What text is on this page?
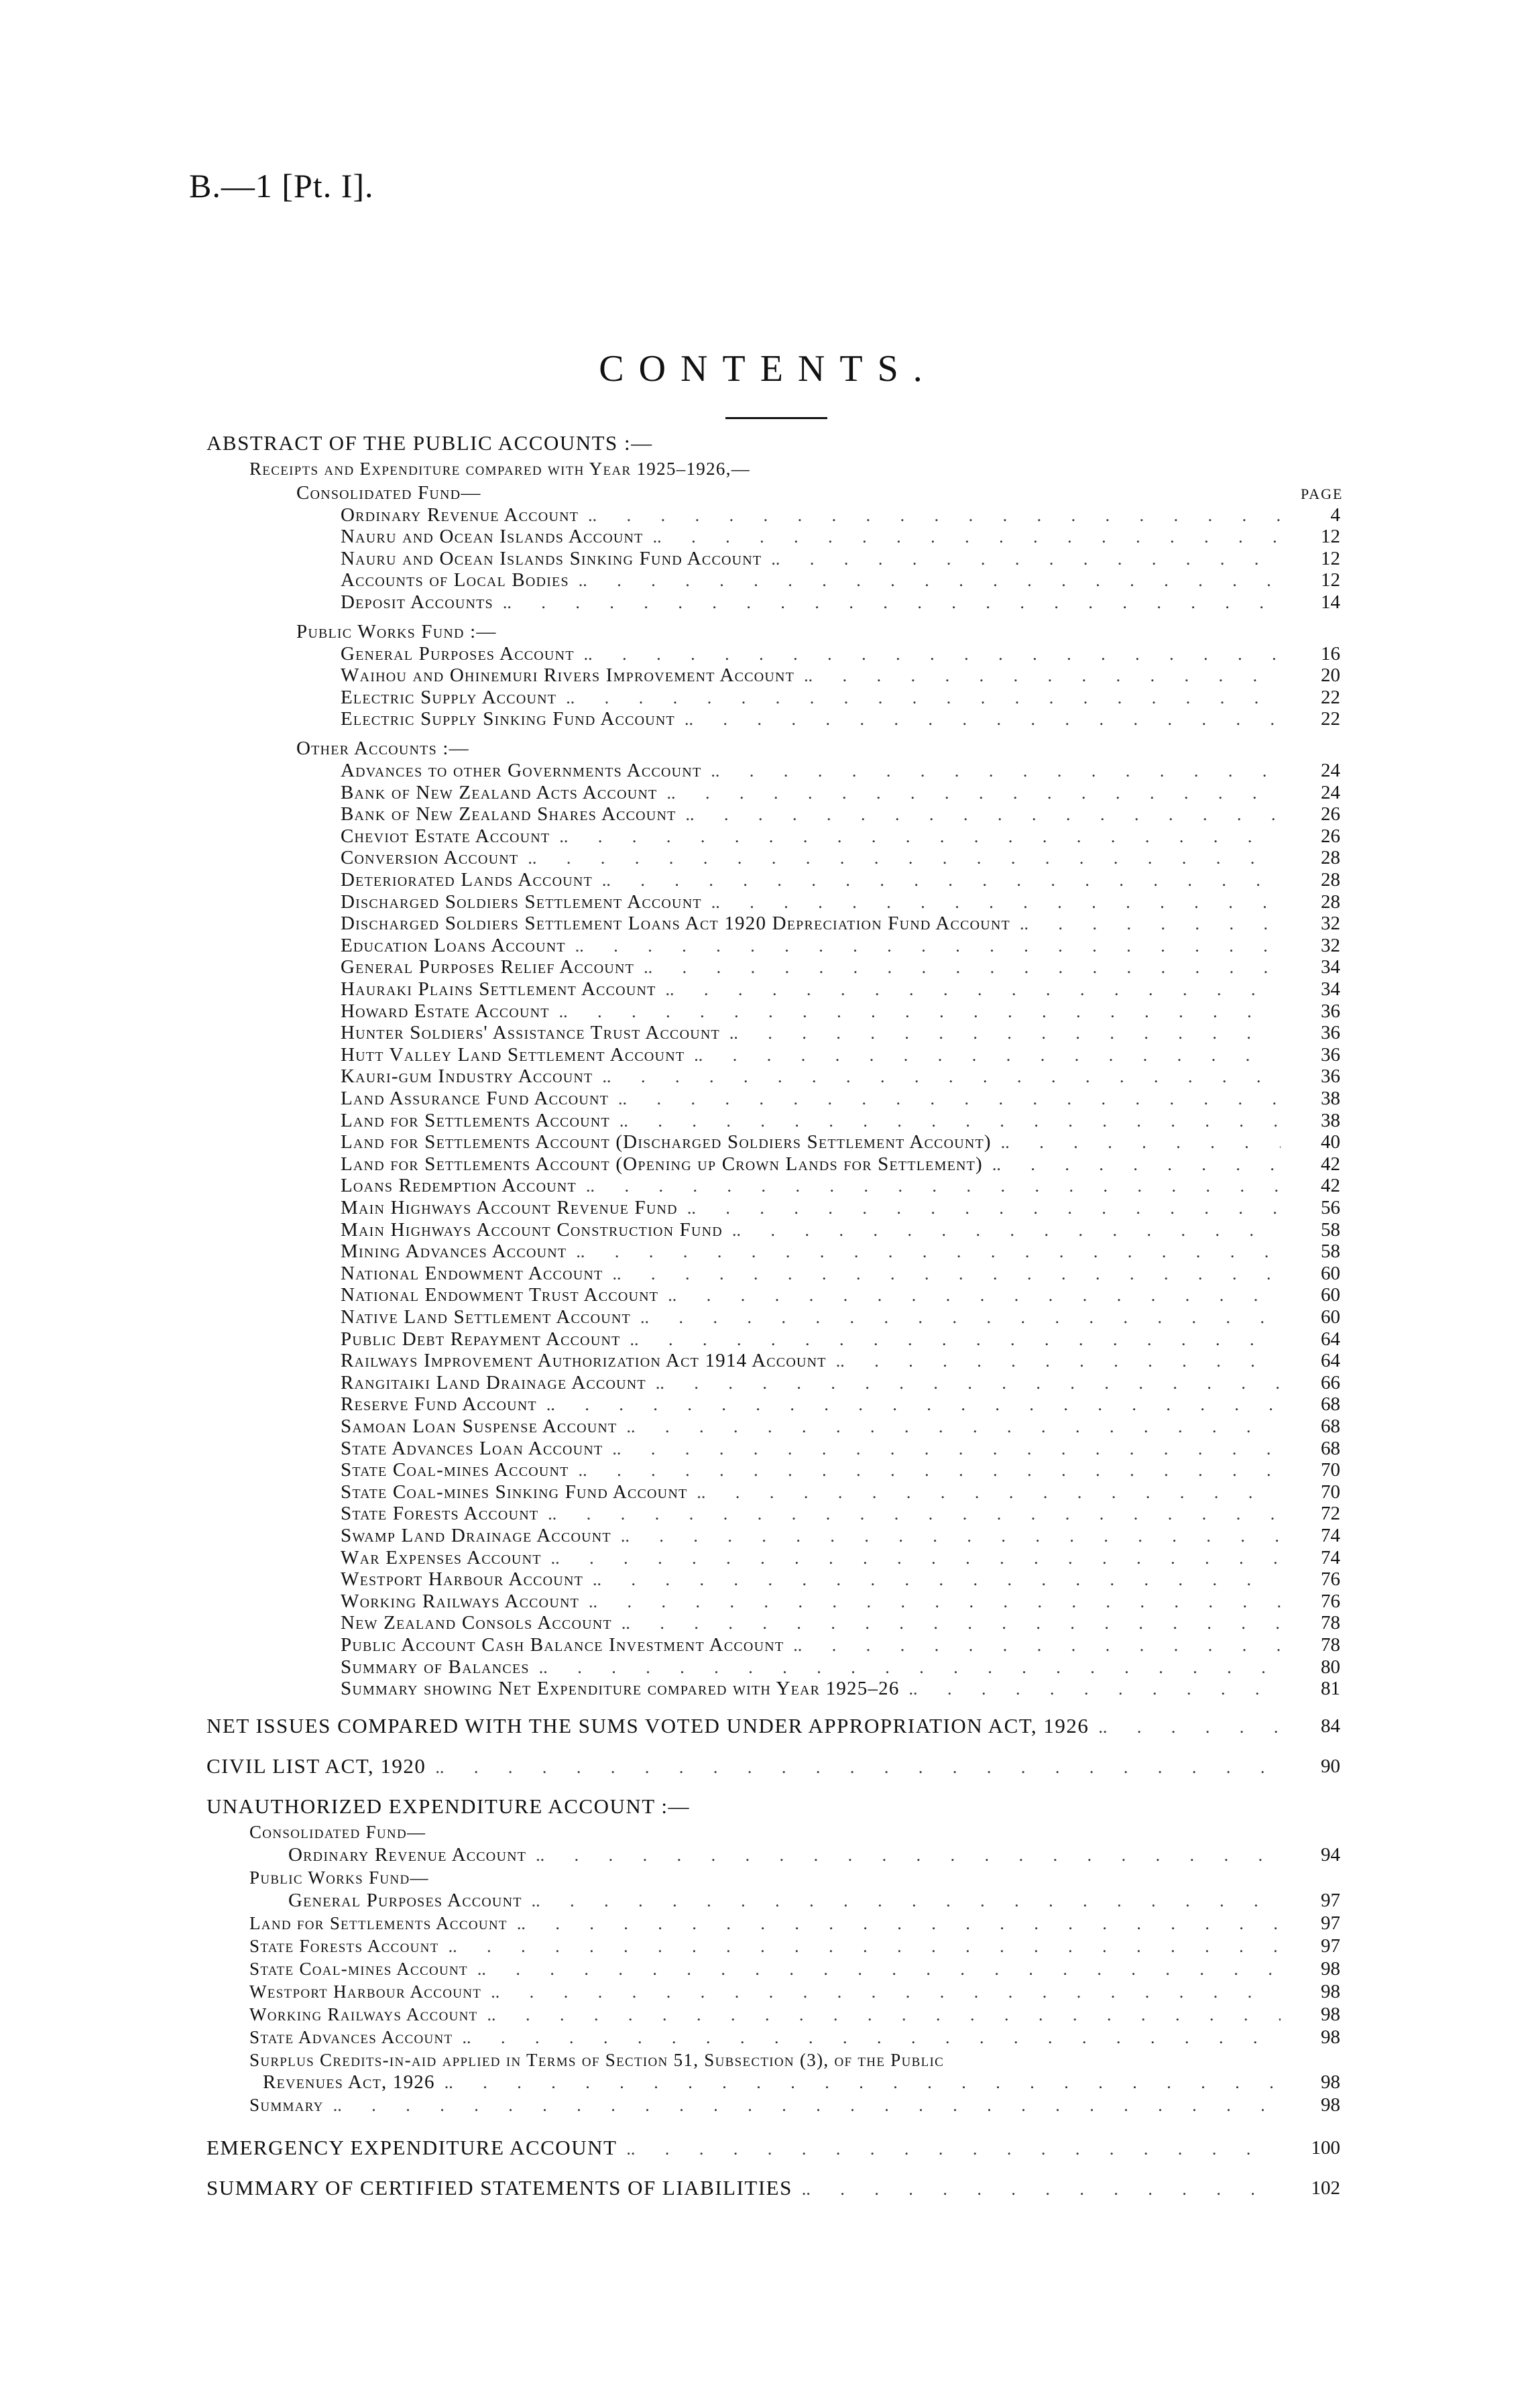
B.—1 [Pt. I].
CONTENTS.
PAGE
ABSTRACT OF THE PUBLIC ACCOUNTS :—
Receipts and Expenditure compared with Year 1925–1926,—
Consolidated Fund—
4
Ordinary Revenue Account
.. .
12
Nauru and Ocean Islands Account
.. .
12
Nauru and Ocean Islands Sinking Fund Account
.. .
12
Accounts of Local Bodies
.. .
14
Deposit Accounts
.. .
Public Works Fund :—
16
General Purposes Account
.. .
20
Waihou and Ohinemuri Rivers Improvement Account
.. .
22
Electric Supply Account
.. .
22
Electric Supply Sinking Fund Account
.. .
Other Accounts :—
24
Advances to other Governments Account
.. .
24
Bank of New Zealand Acts Account
.. .
26
Bank of New Zealand Shares Account
.. .
26
Cheviot Estate Account
.. .
28
Conversion Account
.. .
28
Deteriorated Lands Account
.. .
28
Discharged Soldiers Settlement Account
.. .
32
Discharged Soldiers Settlement Loans Act 1920 Depreciation Fund Account
.. .
32
Education Loans Account
.. .
34
General Purposes Relief Account
.. .
34
Hauraki Plains Settlement Account
.. .
36
Howard Estate Account
.. .
36
Hunter Soldiers' Assistance Trust Account
.. .
36
Hutt Valley Land Settlement Account
.. .
36
Kauri-gum Industry Account
.. .
38
Land Assurance Fund Account
.. .
38
Land for Settlements Account
.. .
40
Land for Settlements Account (Discharged Soldiers Settlement Account)
.. .
42
Land for Settlements Account (Opening up Crown Lands for Settlement)
.. .
42
Loans Redemption Account
.. .
56
Main Highways Account Revenue Fund
.. .
58
Main Highways Account Construction Fund
.. .
58
Mining Advances Account
.. .
60
National Endowment Account
.. .
60
National Endowment Trust Account
.. .
60
Native Land Settlement Account
.. .
64
Public Debt Repayment Account
.. .
64
Railways Improvement Authorization Act 1914 Account
.. .
66
Rangitaiki Land Drainage Account
.. .
68
Reserve Fund Account
.. .
68
Samoan Loan Suspense Account
.. .
68
State Advances Loan Account
.. .
70
State Coal-mines Account
.. .
70
State Coal-mines Sinking Fund Account
.. .
72
State Forests Account
.. .
74
Swamp Land Drainage Account
.. .
74
War Expenses Account
.. .
76
Westport Harbour Account
.. .
76
Working Railways Account
.. .
78
New Zealand Consols Account
.. .
78
Public Account Cash Balance Investment Account
.. .
80
Summary of Balances
.. .
81
Summary showing Net Expenditure compared with Year 1925–26
.. .
84
NET ISSUES COMPARED WITH THE SUMS VOTED UNDER APPROPRIATION ACT, 1926
.. .
90
CIVIL LIST ACT, 1920
.. .
UNAUTHORIZED EXPENDITURE ACCOUNT :—
Consolidated Fund—
94
Ordinary Revenue Account
.. .
Public Works Fund—
97
General Purposes Account
.. .
97
Land for Settlements Account
.. .
97
State Forests Account
.. .
98
State Coal-mines Account
.. .
98
Westport Harbour Account
.. .
98
Working Railways Account
.. .
98
State Advances Account
.. .
Surplus Credits-in-aid applied in Terms of Section 51, Subsection (3), of the Public
98
Revenues Act, 1926
.. .
98
Summary
.. .
100
EMERGENCY EXPENDITURE ACCOUNT
.. .
102
SUMMARY OF CERTIFIED STATEMENTS OF LIABILITIES
.. .
